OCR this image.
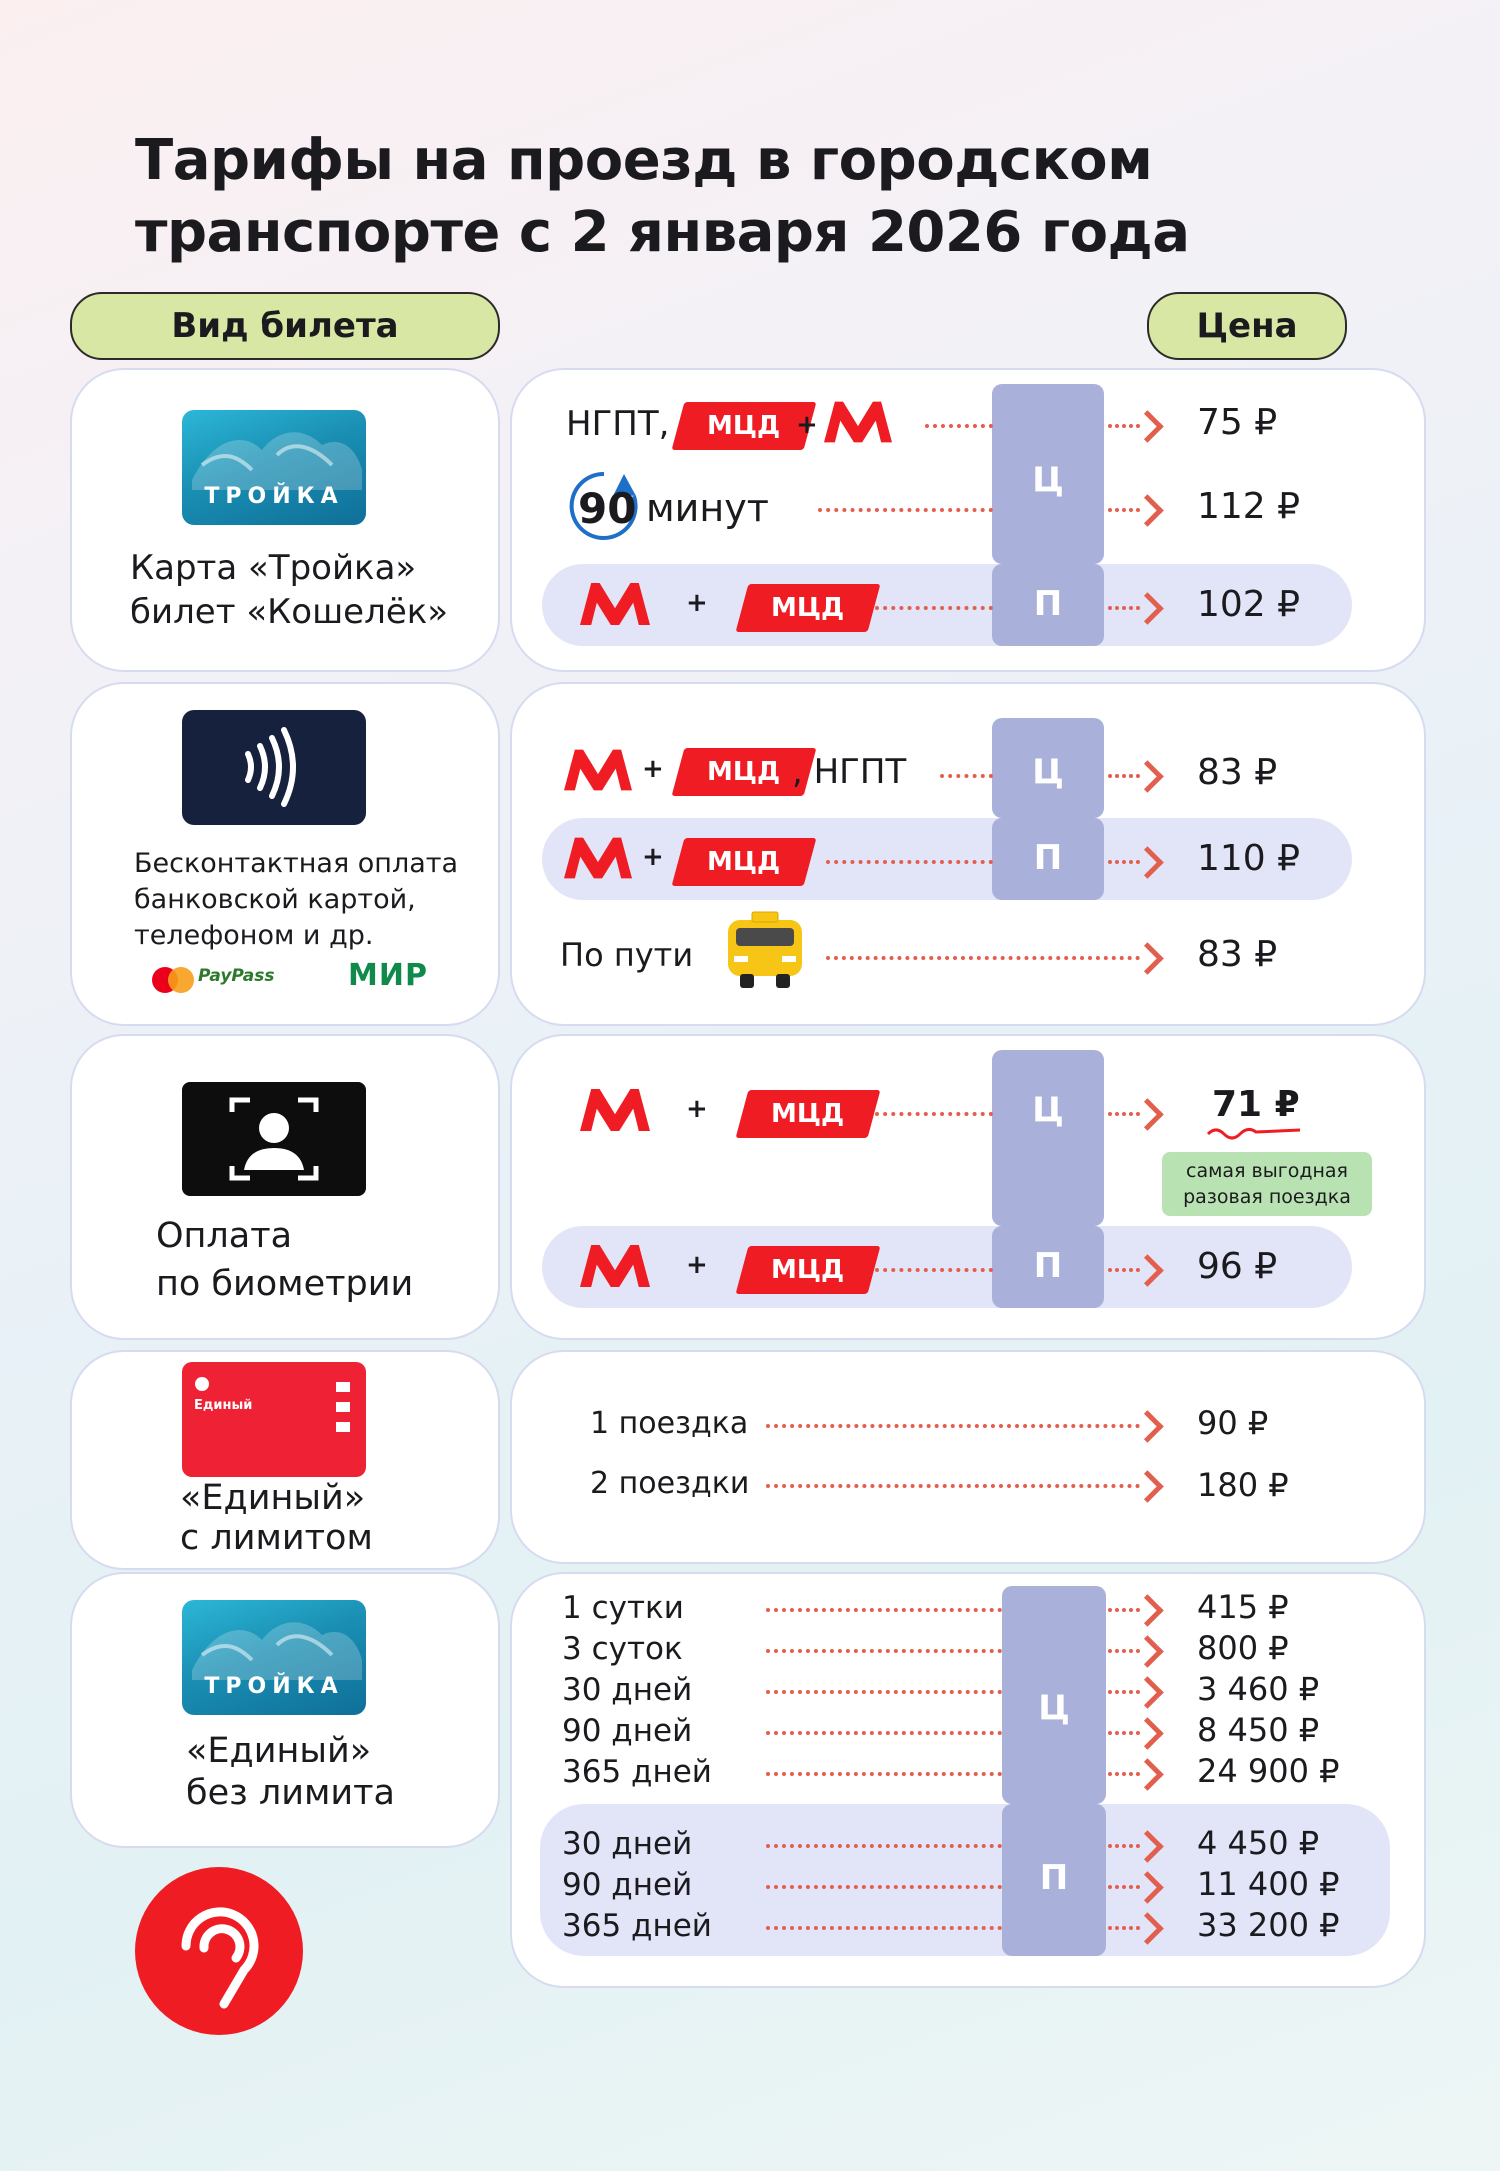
Тарифы на проезд в городском
транспорте с 2 января 2026 года
Вид билета	Цена
ТРОЙКА
Карта «Тройка»
билет «Кошелёк»
Ц
П
НГПТ, МЦД +	75 ₽
90 минут	112 ₽
+ МЦД	102 ₽
Бесконтактная оплата
банковской картой,
телефоном и др.
PayPass МИР
Ц
П
+ МЦД , НГПТ	83 ₽
+ МЦД	110 ₽
По пути	83 ₽
Оплата
по биометрии
Ц
П
+ МЦД	71 ₽
самая выгодная
разовая поездка
+ МЦД	96 ₽
Единый
«Единый»
с лимитом
1 поездка	90 ₽
2 поездки	180 ₽
ТРОЙКА
«Единый»
без лимита
Ц
П
1 сутки	415 ₽
3 суток	800 ₽
30 дней	3 460 ₽
90 дней	8 450 ₽
365 дней	24 900 ₽
30 дней	4 450 ₽
90 дней	11 400 ₽
365 дней	33 200 ₽
